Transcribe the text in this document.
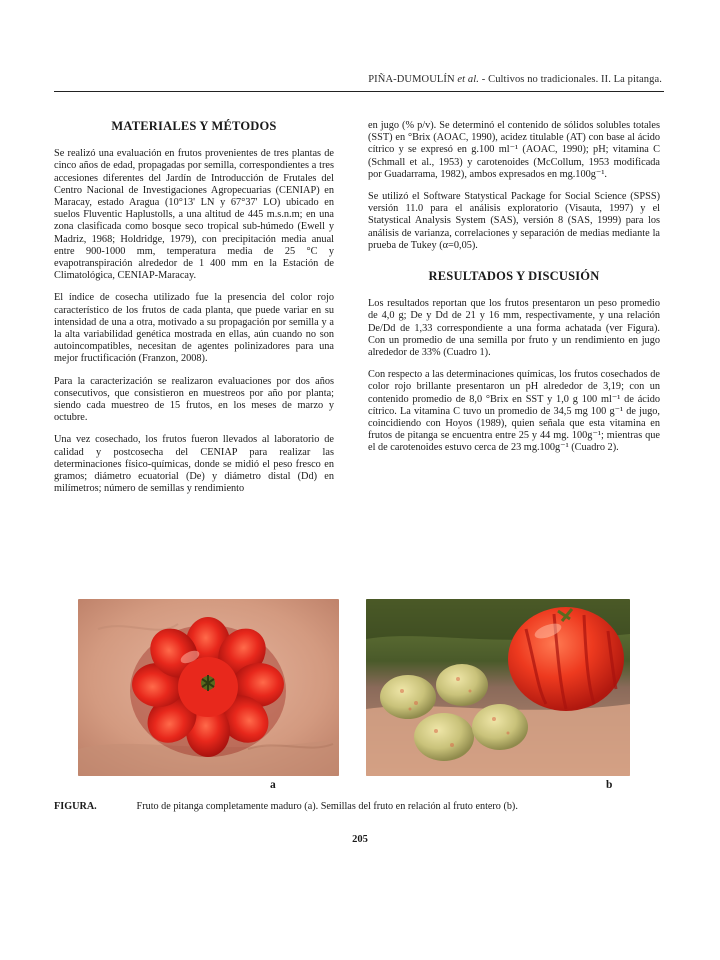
PIÑA-DUMOULÍN et al. - Cultivos no tradicionales. II. La pitanga.
MATERIALES Y MÉTODOS

Se realizó una evaluación en frutos provenientes de tres plantas de cinco años de edad, propagadas por semilla, correspondientes a tres accesiones diferentes del Jardín de Introducción de Frutales del Centro Nacional de Investigaciones Agropecuarias (CENIAP) en Maracay, estado Aragua (10°13' LN y 67°37' LO) ubicado en suelos Fluventic Haplustolls, a una altitud de 445 m.s.n.m; en una zona clasificada como bosque seco tropical sub-húmedo (Ewell y Madriz, 1968; Holdridge, 1979), con precipitación media anual entre 900-1000 mm, temperatura media de 25 °C y evapotranspiración alrededor de 1 400 mm en la Estación de Climatológica, CENIAP-Maracay.

El índice de cosecha utilizado fue la presencia del color rojo característico de los frutos de cada planta, que puede variar en su intensidad de una a otra, motivado a su propagación por semilla y a la alta variabilidad genética mostrada en ellas, aún cuando no son autoincompatibles, necesitan de agentes polinizadores para una mejor fructificación (Franzon, 2008).

Para la caracterización se realizaron evaluaciones por dos años consecutivos, que consistieron en muestreos por año por planta; siendo cada muestreo de 15 frutos, en los meses de marzo y octubre.

Una vez cosechado, los frutos fueron llevados al laboratorio de calidad y postcosecha del CENIAP para realizar las determinaciones físico-químicas, donde se midió el peso fresco en gramos; diámetro ecuatorial (De) y diámetro distal (Dd) en milímetros; número de semillas y rendimiento

en jugo (% p/v). Se determinó el contenido de sólidos solubles totales (SST) en °Brix (AOAC, 1990), acidez titulable (AT) con base al ácido cítrico y se expresó en g.100 ml⁻¹ (AOAC, 1990); pH; vitamina C (Schmall et al., 1953) y carotenoides (McCollum, 1953 modificada por Guadarrama, 1982), ambos expresados en mg.100g⁻¹.

Se utilizó el Software Statystical Package for Social Science (SPSS) versión 11.0 para el análisis exploratorio (Visauta, 1997) y el Statystical Analysis System (SAS), versión 8 (SAS, 1999) para los análisis de varianza, correlaciones y separación de medias mediante la prueba de Tukey (α=0,05).

RESULTADOS Y DISCUSIÓN

Los resultados reportan que los frutos presentaron un peso promedio de 4,0 g; De y Dd de 21 y 16 mm, respectivamente, y una relación De/Dd de 1,33 correspondiente a una forma achatada (ver Figura). Con un promedio de una semilla por fruto y un rendimiento en jugo alrededor de 33% (Cuadro 1).

Con respecto a las determinaciones químicas, los frutos cosechados de color rojo brillante presentaron un pH alrededor de 3,19; con un contenido promedio de 8,0 °Brix en SST y 1,0 g 100 ml⁻¹ de ácido cítrico. La vitamina C tuvo un promedio de 34,5 mg 100 g⁻¹ de jugo, coincidiendo con Hoyos (1989), quien señala que esta vitamina en frutos de pitanga se encuentra entre 25 y 44 mg. 100g⁻¹; mientras que el de carotenoides estuvo cerca de 23 mg.100g⁻¹ (Cuadro 2).

a	b
FIGURA.	Fruto de pitanga completamente maduro (a). Semillas del fruto en relación al fruto entero (b).
205
